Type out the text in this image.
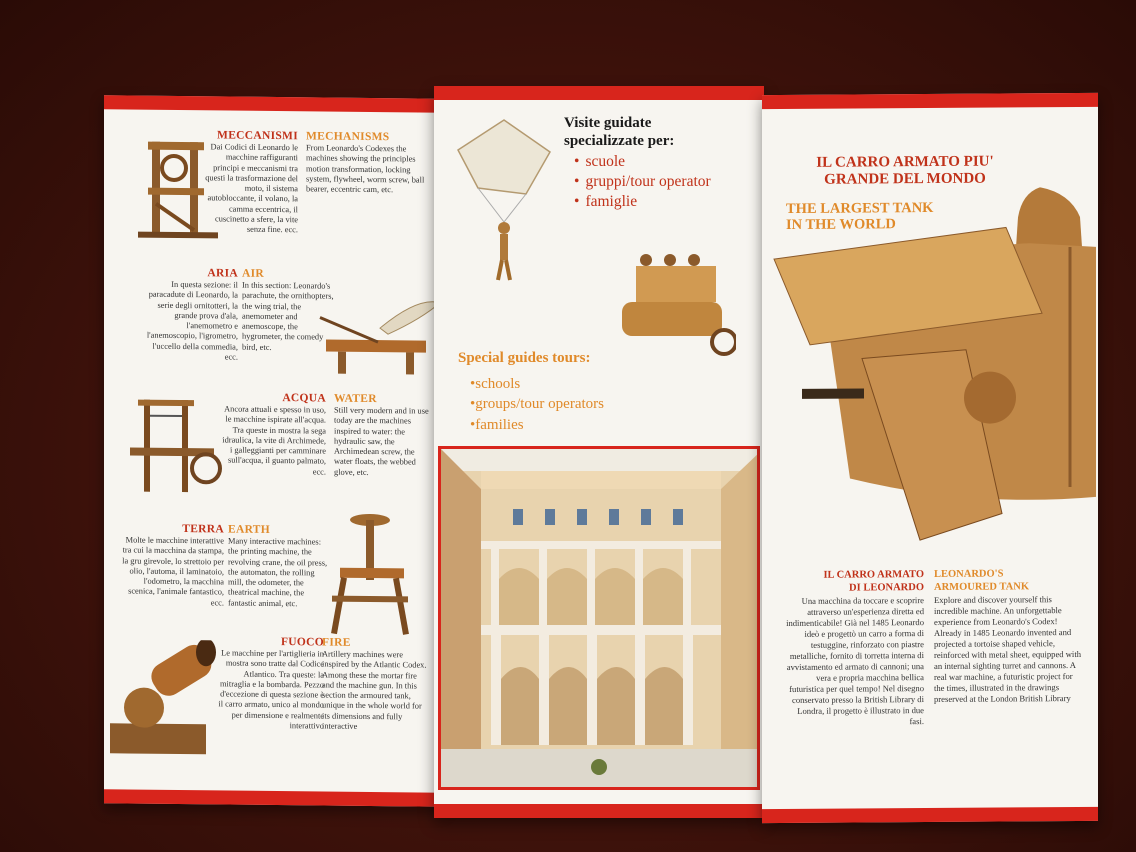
MECCANISMI
Dai Codici di Leonardo le macchine raffiguranti principi e meccanismi tra questi la trasformazione del moto, il sistema autobloccante, il volano, la camma eccentrica, il cuscinetto a sfere, la vite senza fine. ecc.
MECHANISMS
From Leonardo's Codexes the machines showing the principles motion transformation, locking system, flywheel, worm screw, ball bearer, eccentric cam, etc.
ARIA
In questa sezione: il paracadute di Leonardo, la serie degli ornitotteri, la grande prova d'ala, l'anemometro e l'anemoscopio, l'igrometro, l'uccello della commedia, ecc.
AIR
In this section: Leonardo's parachute, the ornithopters, the wing trial, the anemometer and anemoscope, the hygrometer, the comedy bird, etc.
ACQUA
Ancora attuali e spesso in uso, le macchine ispirate all'acqua. Tra queste in mostra la sega idraulica, la vite di Archimede, i galleggianti per camminare sull'acqua, il guanto palmato, ecc.
WATER
Still very modern and in use today are the machines inspired to water: the hydraulic saw, the Archimedean screw, the water floats, the webbed glove, etc.
TERRA
Molte le macchine interattive tra cui la macchina da stampa, la gru girevole, lo strettoio per olio, l'automa, il laminatoio, l'odometro, la macchina scenica, l'animale fantastico, ecc.
EARTH
Many interactive machines: the printing machine, the revolving crane, the oil press, the automaton, the rolling mill, the odometer, the theatrical machine, the fantastic animal, etc.
FUOCO
Le macchine per l'artiglieria in mostra sono tratte dal Codice Atlantico. Tra queste: la mitraglia e la bombarda. Pezzo d'eccezione di questa sezione è il carro armato, unico al mondo per dimensione e realmente interattivo
FIRE
Artillery machines were inspired by the Atlantic Codex. Among these the mortar fire and the machine gun. In this section the armoured tank, unique in the whole world for its dimensions and fully interactive
Visite guidate
specializzate per:
• scuole
• gruppi/tour operator
• famiglie
Special guides tours:
•schools
•groups/tour operators
•families
IL CARRO ARMATO PIU'
GRANDE DEL MONDO
THE LARGEST TANK
IN THE WORLD
IL CARRO ARMATO
DI LEONARDO
Una macchina da toccare e scoprire attraverso un'esperienza diretta ed indimenticabile! Già nel 1485 Leonardo ideò e progettò un carro a forma di testuggine, rinforzato con piastre metalliche, fornito di torretta interna di avvistamento ed armato di cannoni; una vera e propria macchina bellica futuristica per quel tempo! Nel disegno conservato presso la British Library di Londra, il progetto è illustrato in due fasi.
LEONARDO'S
ARMOURED TANK
Explore and discover yourself this incredible machine. An unforgettable experience from Leonardo's Codex! Already in 1485 Leonardo invented and projected a tortoise shaped vehicle, reinforced with metal sheet, equipped with an internal sighting turret and cannons. A real war machine, a futuristic project for the times, illustrated in the drawings preserved at the London British Library
